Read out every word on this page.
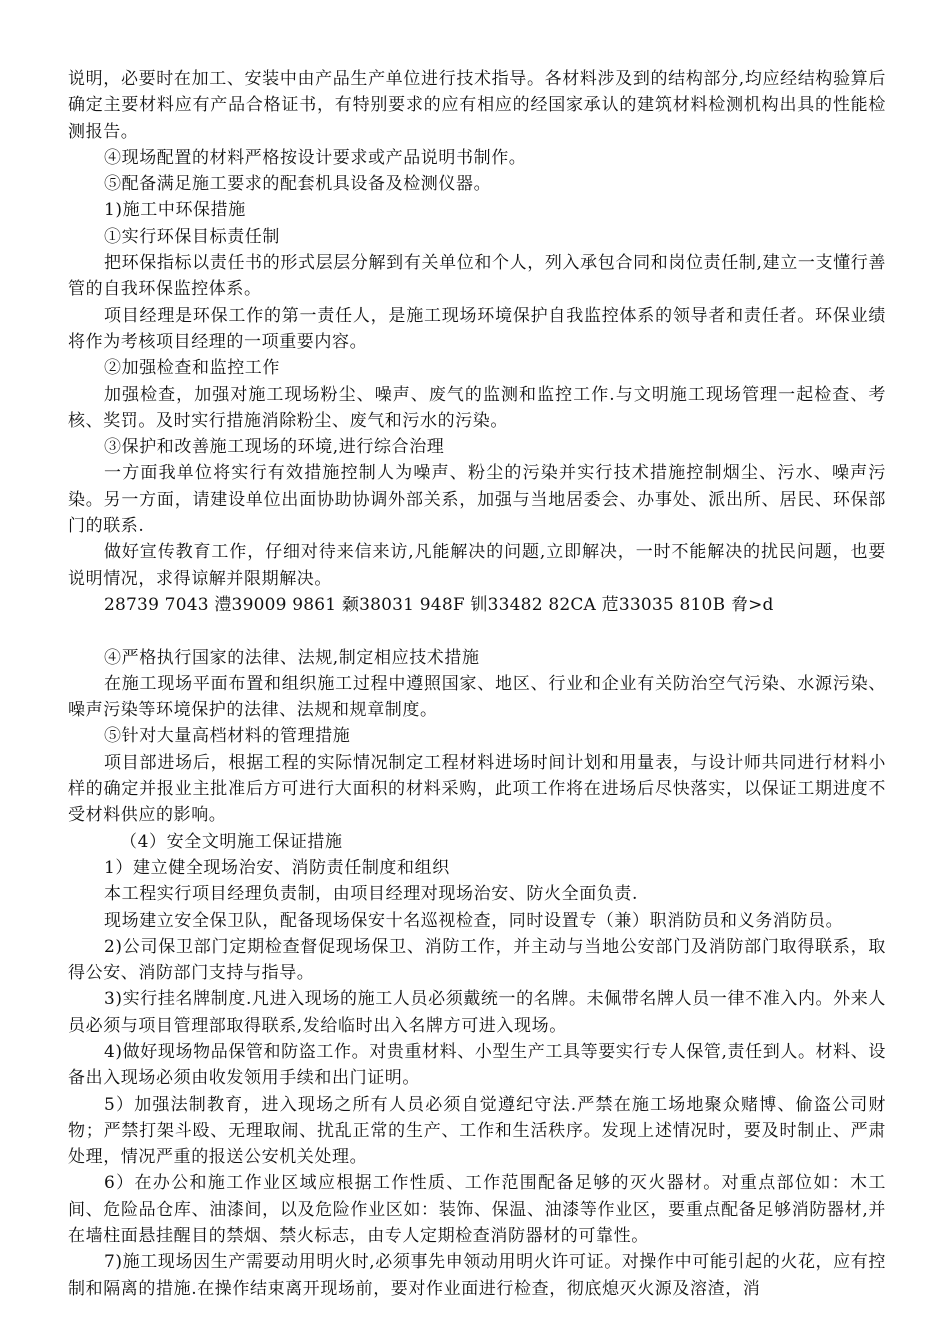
说明，必要时在加工、安装中由产品生产单位进行技术指导。各材料涉及到的结构部分,均应经结构验算后确定主要材料应有产品合格证书，有特别要求的应有相应的经国家承认的建筑材料检测机构出具的性能检测报告。

④现场配置的材料严格按设计要求或产品说明书制作。

⑤配备满足施工要求的配套机具设备及检测仪器。

1)施工中环保措施

①实行环保目标责任制

把环保指标以责任书的形式层层分解到有关单位和个人，列入承包合同和岗位责任制,建立一支懂行善管的自我环保监控体系。

项目经理是环保工作的第一责任人，是施工现场环境保护自我监控体系的领导者和责任者。环保业绩将作为考核项目经理的一项重要内容。

②加强检查和监控工作

加强检查，加强对施工现场粉尘、噪声、废气的监测和监控工作.与文明施工现场管理一起检查、考核、奖罚。及时实行措施消除粉尘、废气和污水的污染。

③保护和改善施工现场的环境,进行综合治理

一方面我单位将实行有效措施控制人为噪声、粉尘的污染并实行技术措施控制烟尘、污水、噪声污染。另一方面，请建设单位出面协助协调外部关系，加强与当地居委会、办事处、派出所、居民、环保部门的联系.

做好宣传教育工作，仔细对待来信来访,凡能解决的问题,立即解决，一时不能解决的扰民问题，也要说明情况，求得谅解并限期解决。

28739 7043 澧39009 9861 颡38031 948F 钏33482 82CA 苊33035 810B 脅>d

④严格执行国家的法律、法规,制定相应技术措施

在施工现场平面布置和组织施工过程中遵照国家、地区、行业和企业有关防治空气污染、水源污染、噪声污染等环境保护的法律、法规和规章制度。

⑤针对大量高档材料的管理措施

项目部进场后，根据工程的实际情况制定工程材料进场时间计划和用量表，与设计师共同进行材料小样的确定并报业主批准后方可进行大面积的材料采购，此项工作将在进场后尽快落实，以保证工期进度不受材料供应的影响。

（4）安全文明施工保证措施

1）建立健全现场治安、消防责任制度和组织

本工程实行项目经理负责制，由项目经理对现场治安、防火全面负责.

现场建立安全保卫队，配备现场保安十名巡视检查，同时设置专（兼）职消防员和义务消防员。

2)公司保卫部门定期检查督促现场保卫、消防工作，并主动与当地公安部门及消防部门取得联系，取得公安、消防部门支持与指导。

3)实行挂名牌制度.凡进入现场的施工人员必须戴统一的名牌。未佩带名牌人员一律不准入内。外来人员必须与项目管理部取得联系,发给临时出入名牌方可进入现场。

4)做好现场物品保管和防盗工作。对贵重材料、小型生产工具等要实行专人保管,责任到人。材料、设备出入现场必须由收发领用手续和出门证明。

5）加强法制教育，进入现场之所有人员必须自觉遵纪守法.严禁在施工场地聚众赌博、偷盗公司财物；严禁打架斗殴、无理取闹、扰乱正常的生产、工作和生活秩序。发现上述情况时，要及时制止、严肃处理，情况严重的报送公安机关处理。

6）在办公和施工作业区域应根据工作性质、工作范围配备足够的灭火器材。对重点部位如：木工间、危险品仓库、油漆间，以及危险作业区如：装饰、保温、油漆等作业区，要重点配备足够消防器材,并在墙柱面悬挂醒目的禁烟、禁火标志，由专人定期检查消防器材的可靠性。

7)施工现场因生产需要动用明火时,必须事先申领动用明火许可证。对操作中可能引起的火花，应有控制和隔离的措施.在操作结束离开现场前，要对作业面进行检查，彻底熄灭火源及溶渣，消
